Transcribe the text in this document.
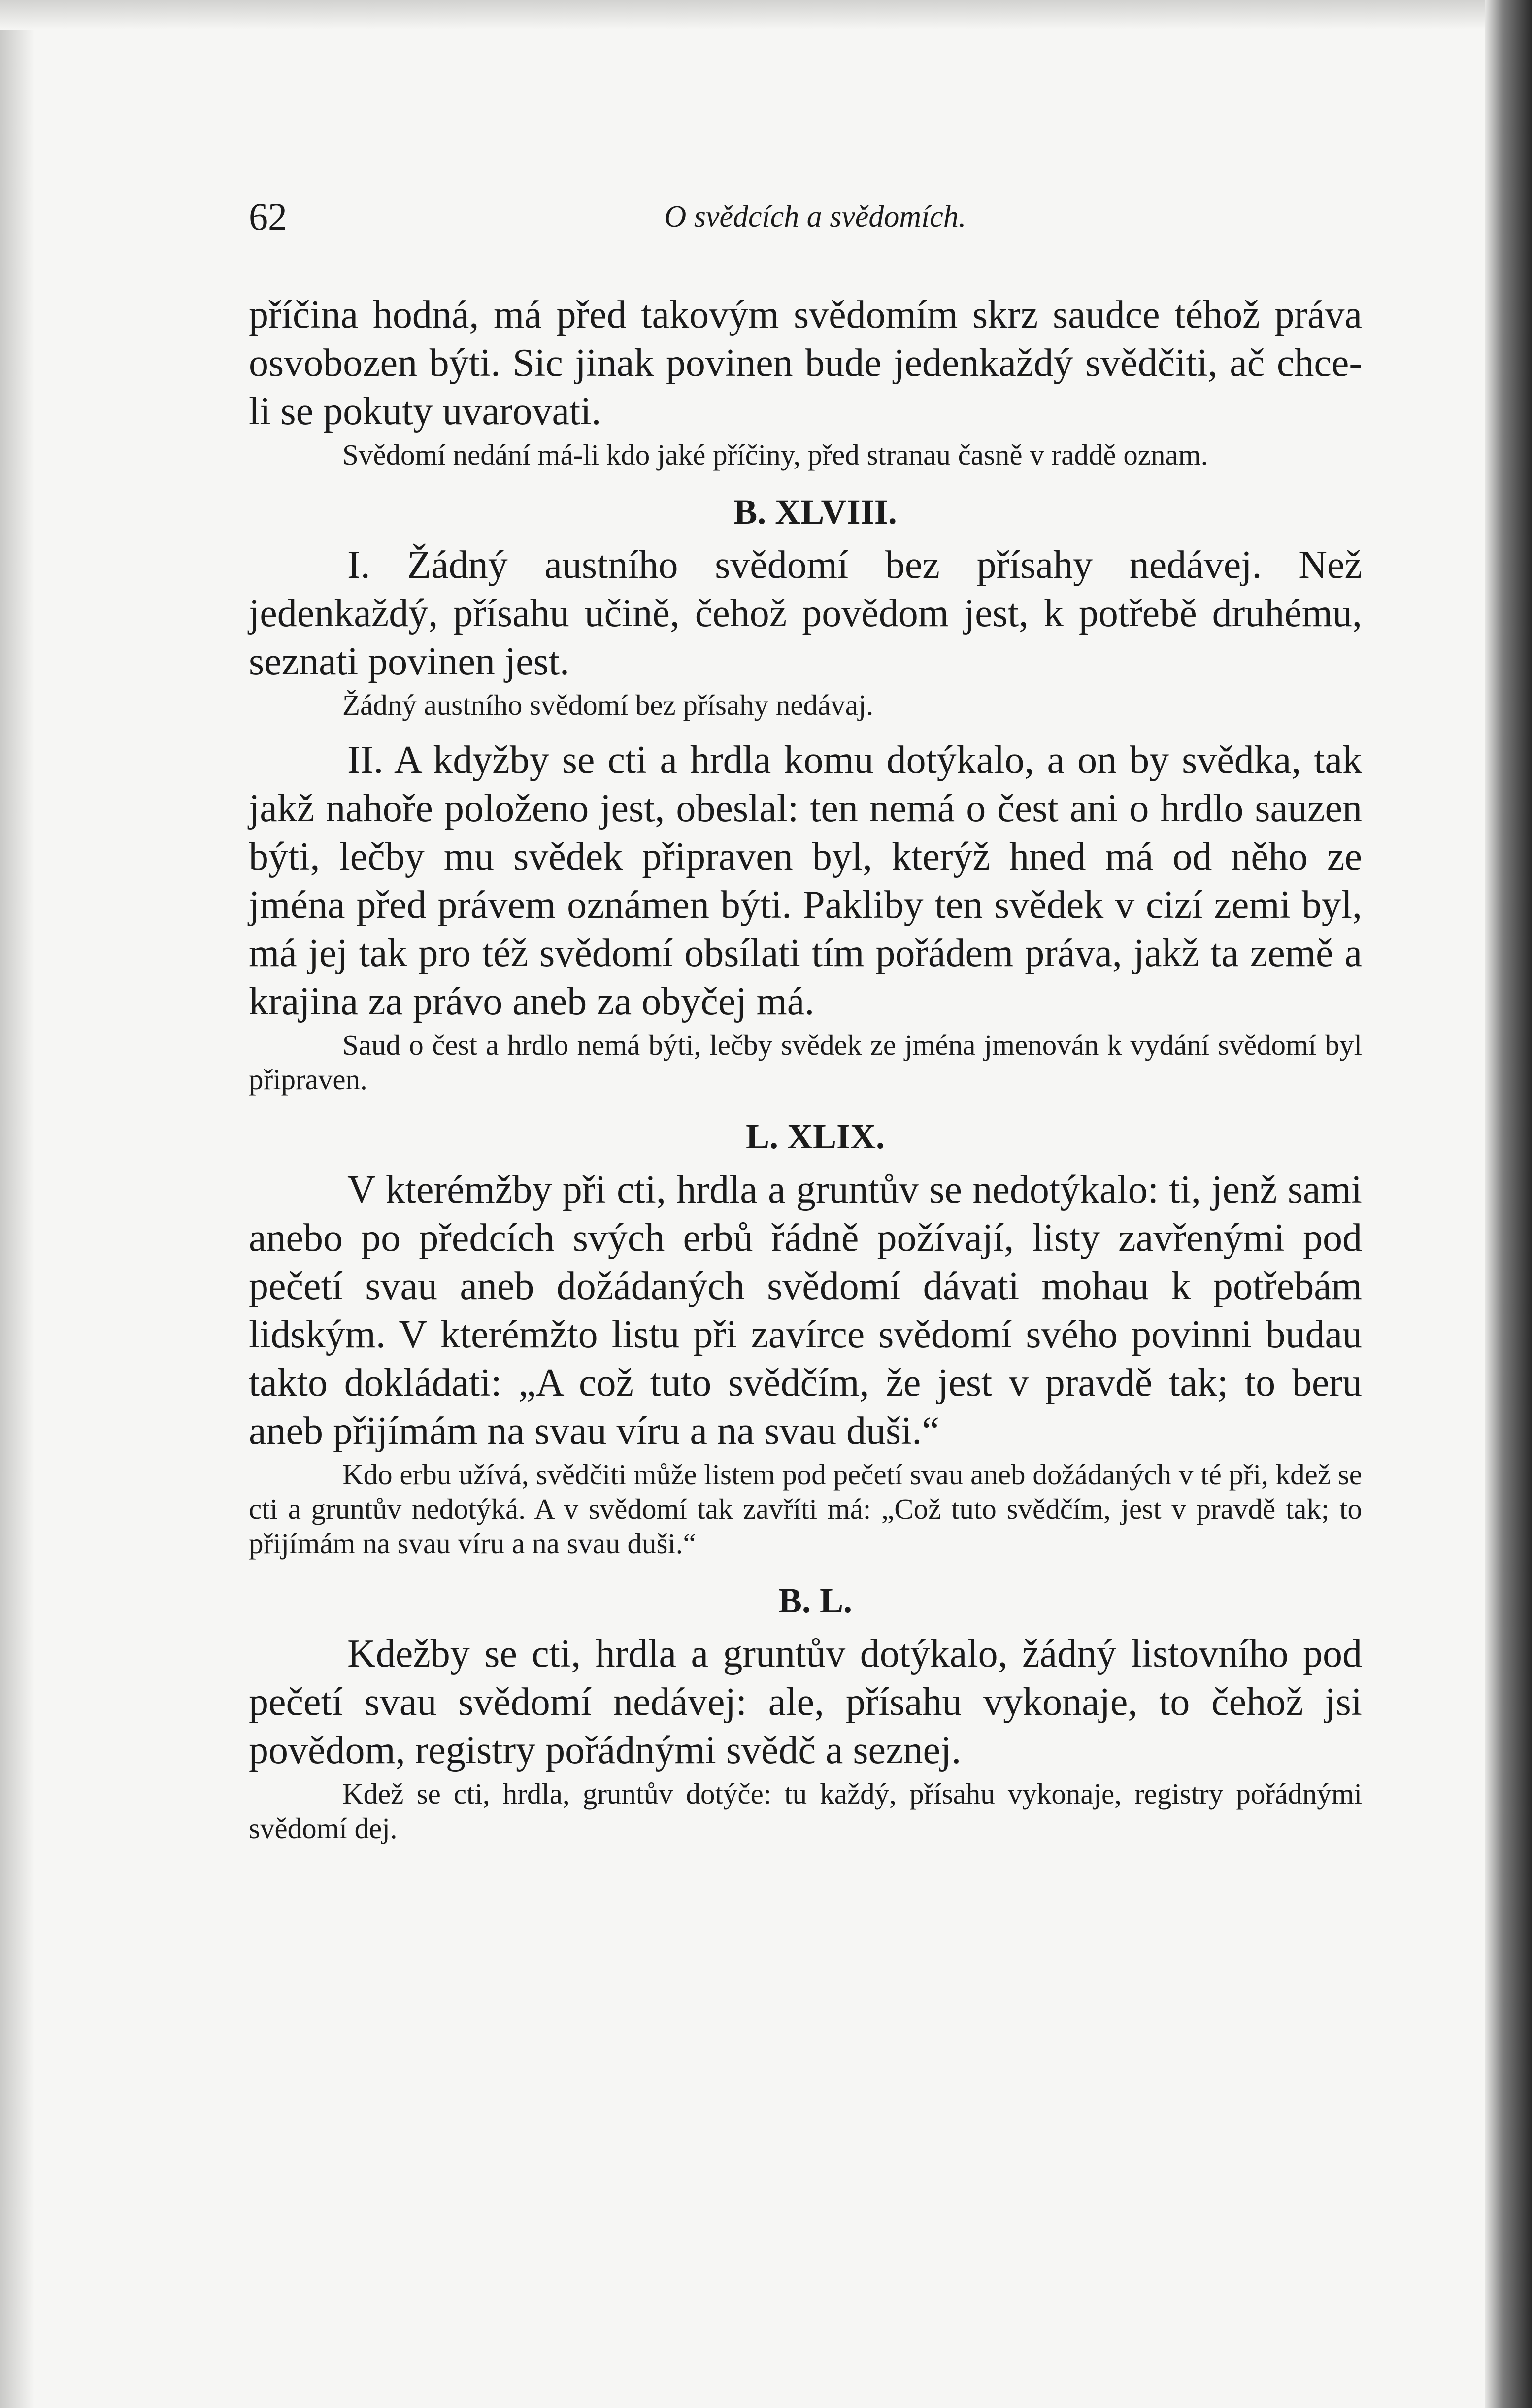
62	O svědcích a svědomích.

příčina hodná, má před takovým svědomím skrz saudce téhož práva osvobozen býti. Sic jinak povinen bude jedenkaždý svědčiti, ač chce-li se pokuty uvarovati.

Svědomí nedání má-li kdo jaké příčiny, před stranau časně v raddě oznam.

B. XLVIII.

I. Žádný austního svědomí bez přísahy nedávej. Než jedenkaždý, přísahu učině, čehož povědom jest, k potřebě druhému, seznati povinen jest.

Žádný austního svědomí bez přísahy nedávaj.

II. A kdyžby se cti a hrdla komu dotýkalo, a on by svědka, tak jakž nahoře položeno jest, obeslal: ten nemá o čest ani o hrdlo sauzen býti, lečby mu svědek připraven byl, kterýž hned má od něho ze jména před právem oznámen býti. Pakliby ten svědek v cizí zemi byl, má jej tak pro též svědomí obsílati tím pořádem práva, jakž ta země a krajina za právo aneb za obyčej má.

Saud o čest a hrdlo nemá býti, lečby svědek ze jména jmenován k vydání svědomí byl připraven.

L. XLIX.

V kterémžby při cti, hrdla a gruntův se nedotýkalo: ti, jenž sami anebo po předcích svých erbů řádně požívají, listy zavřenými pod pečetí svau aneb dožádaných svědomí dávati mohau k potřebám lidským. V kterémžto listu při zavírce svědomí svého povinni budau takto dokládati: „A což tuto svědčím, že jest v pravdě tak; to beru aneb přijímám na svau víru a na svau duši.“

Kdo erbu užívá, svědčiti může listem pod pečetí svau aneb dožádaných v té při, kdež se cti a gruntův nedotýká. A v svědomí tak zavříti má: „Což tuto svědčím, jest v pravdě tak; to přijímám na svau víru a na svau duši.“

B. L.

Kdežby se cti, hrdla a gruntův dotýkalo, žádný listovního pod pečetí svau svědomí nedávej: ale, přísahu vykonaje, to čehož jsi povědom, registry pořádnými svědč a seznej.

Kdež se cti, hrdla, gruntův dotýče: tu každý, přísahu vykonaje, registry pořádnými svědomí dej.
